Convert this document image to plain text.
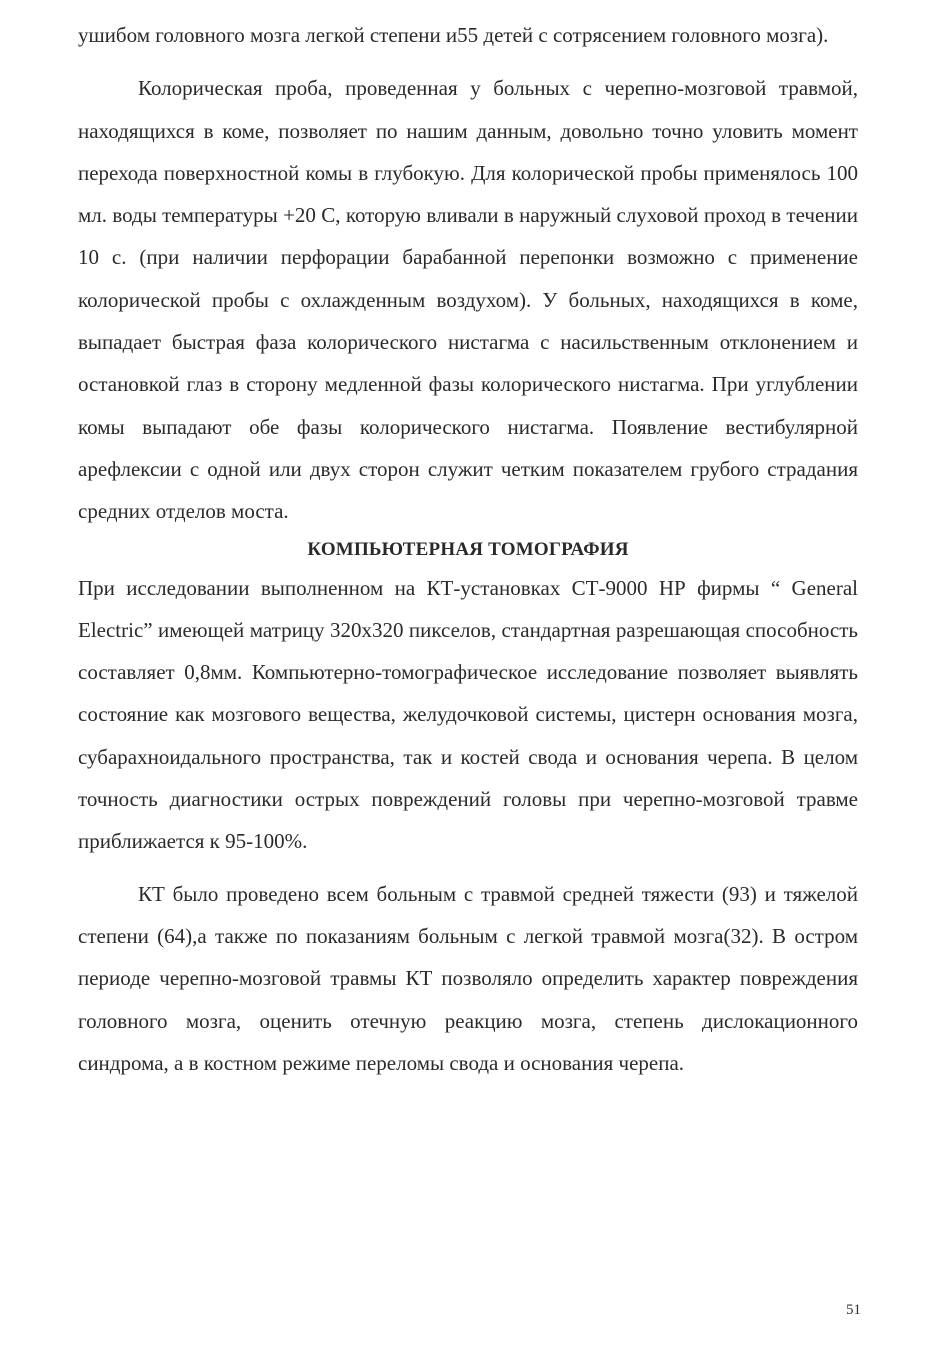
ушибом головного мозга легкой степени и55 детей с сотрясением головного мозга).

Колорическая проба, проведенная у больных с черепно-мозговой травмой, находящихся в коме, позволяет по нашим данным, довольно точно уловить момент перехода поверхностной комы в глубокую. Для колорической пробы применялось 100 мл. воды температуры +20 С, которую вливали в наружный слуховой проход в течении 10 с. (при наличии перфорации барабанной перепонки возможно с применение колорической пробы с охлажденным воздухом). У больных, находящихся в коме, выпадает быстрая фаза колорического нистагма с насильственным отклонением и остановкой глаз в сторону медленной фазы колорического нистагма. При углублении комы выпадают обе фазы колорического нистагма. Появление вестибулярной арефлексии с одной или двух сторон служит четким показателем грубого страдания средних отделов моста.

КОМПЬЮТЕРНАЯ ТОМОГРАФИЯ

При исследовании выполненном на КТ-установках СТ-9000 НР фирмы “ General Electric” имеющей матрицу 320х320 пикселов, стандартная разрешающая способность составляет 0,8мм. Компьютерно-томографическое исследование позволяет выявлять состояние как мозгового вещества, желудочковой системы, цистерн основания мозга, субарахноидального пространства, так и костей свода и основания черепа. В целом точность диагностики острых повреждений головы при черепно-мозговой травме приближается к 95-100%.

КТ было проведено всем больным с травмой средней тяжести (93) и тяжелой степени (64),а также по показаниям больным с легкой травмой мозга(32). В остром периоде черепно-мозговой травмы КТ позволяло определить характер повреждения головного мозга, оценить отечную реакцию мозга, степень дислокационного синдрома, а в костном режиме переломы свода и основания черепа.

51
